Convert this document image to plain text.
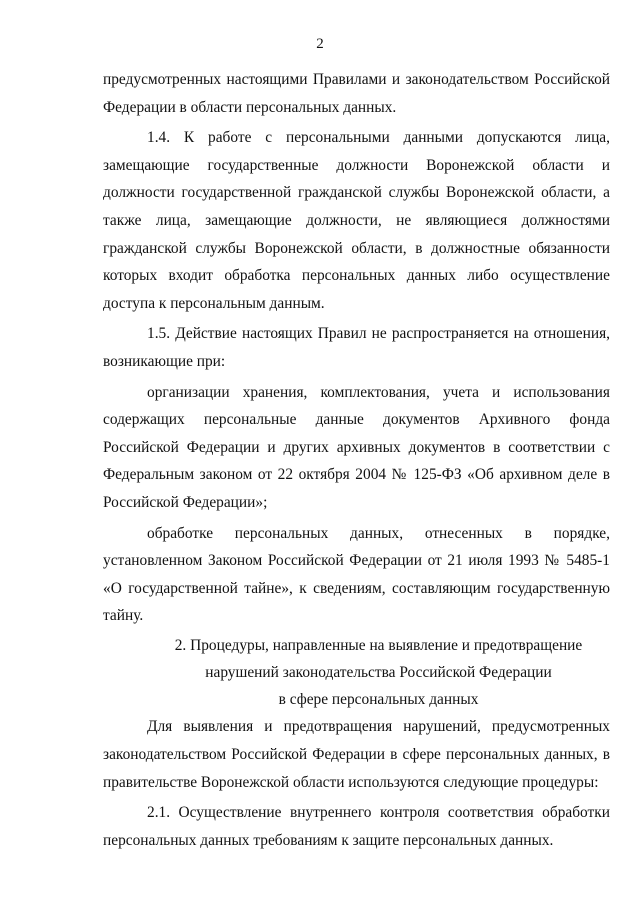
2

предусмотренных настоящими Правилами и законодательством Российской Федерации в области персональных данных.

1.4. К работе с персональными данными допускаются лица, замещающие государственные должности Воронежской области и должности государственной гражданской службы Воронежской области, а также лица, замещающие должности, не являющиеся должностями гражданской службы Воронежской области, в должностные обязанности которых входит обработка персональных данных либо осуществление доступа к персональным данным.

1.5. Действие настоящих Правил не распространяется на отношения, возникающие при:

организации хранения, комплектования, учета и использования содержащих персональные данные документов Архивного фонда Российской Федерации и других архивных документов в соответствии с Федеральным законом от 22 октября 2004 № 125-ФЗ «Об архивном деле в Российской Федерации»;

обработке персональных данных, отнесенных в порядке, установленном Законом Российской Федерации от 21 июля 1993 № 5485-1 «О государственной тайне», к сведениям, составляющим государственную тайну.

2. Процедуры, направленные на выявление и предотвращение
нарушений законодательства Российской Федерации
в сфере персональных данных

Для выявления и предотвращения нарушений, предусмотренных законодательством Российской Федерации в сфере персональных данных, в правительстве Воронежской области используются следующие процедуры:

2.1. Осуществление внутреннего контроля соответствия обработки персональных данных требованиям к защите персональных данных.
